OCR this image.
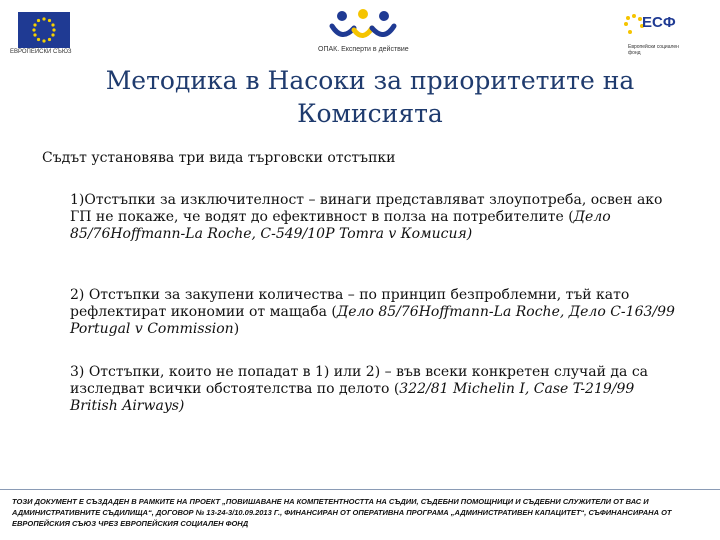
ЕВРОПЕЙСКИ СЪЮЗ	ОПАК. Експерти в действие
ЕСФ
Европейски социален фонд
Методика в Насоки за приоритетите на Комисията
Съдът установява три вида търговски отстъпки
1)Отстъпки за изключителност – винаги представляват злоупотреба, освен ако ГП не покаже, че водят до ефективност в полза на потребителите (Дело 85/76Hoffmann-La Roche, C-549/10P Tomra v Комисия)
2) Отстъпки за закупени количества – по принцип безпроблемни, тъй като рефлектират икономии от мащаба (Дело 85/76Hoffmann-La Roche, Дело C-163/99 Portugal v Commission)
3) Отстъпки, които не попадат в 1) или 2) – във всеки конкретен случай да са изследват всички обстоятелства по делото (322/81 Michelin I, Case T-219/99 British Airways)
ТОЗИ ДОКУМЕНТ Е СЪЗДАДЕН В РАМКИТЕ НА ПРОЕКТ „ПОВИШАВАНЕ НА КОМПЕТЕНТНОСТТА НА СЪДИИ, СЪДЕБНИ ПОМОЩНИЦИ И СЪДЕБНИ СЛУЖИТЕЛИ ОТ ВАС И АДМИНИСТРАТИВНИТЕ СЪДИЛИЩА“, ДОГОВОР № 13-24-3/10.09.2013 Г., ФИНАНСИРАН ОТ ОПЕРАТИВНА ПРОГРАМА „АДМИНИСТРАТИВЕН КАПАЦИТЕТ“, СЪФИНАНСИРАНА ОТ ЕВРОПЕЙСКИЯ СЪЮЗ ЧРЕЗ ЕВРОПЕЙСКИЯ СОЦИАЛЕН ФОНД
